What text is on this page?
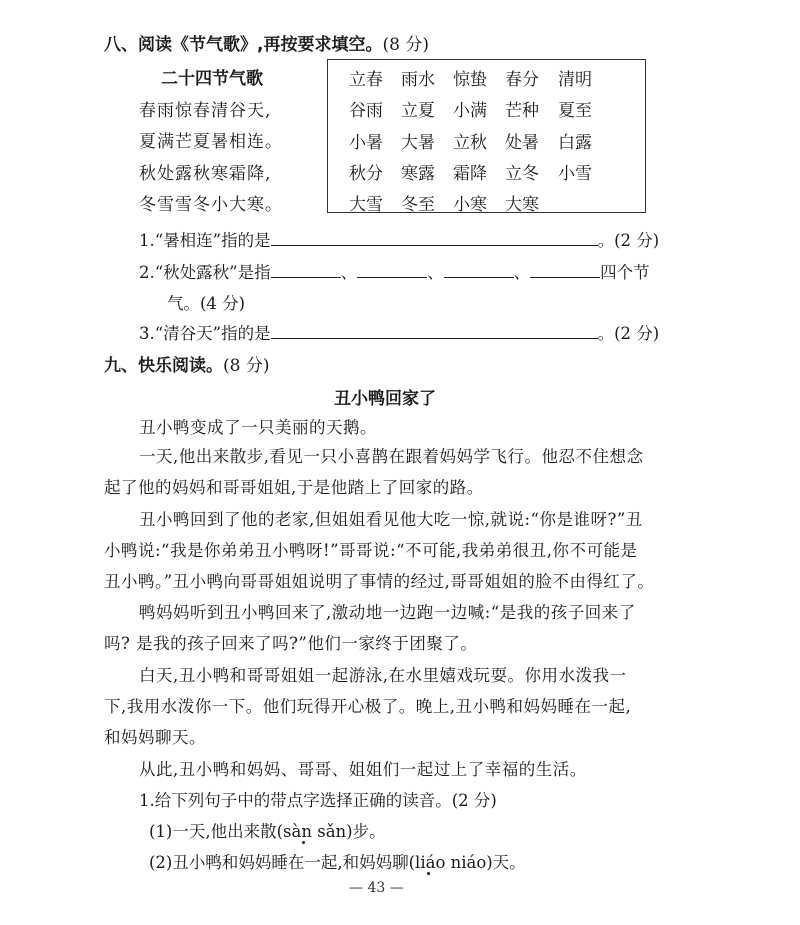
八、阅读《节气歌》,再按要求填空。(8 分)
二十四节气歌
春雨惊春清谷天,
夏满芒夏暑相连。
秋处露秋寒霜降,
冬雪雪冬小大寒。
立春 雨水 惊蛰 春分 清明
谷雨 立夏 小满 芒种 夏至
小暑 大暑 立秋 处暑 白露
秋分 寒露 霜降 立冬 小雪
大雪 冬至 小寒 大寒
1.“暑相连”指的是	。(2 分)
2.“秋处露秋”是指	、	、	、	四个节
气。(4 分)
3.“清谷天”指的是	。(2 分)
九、快乐阅读。(8 分)
丑小鸭回家了
丑小鸭变成了一只美丽的天鹅。
一天,他出来散步,看见一只小喜鹊在跟着妈妈学飞行。他忍不住想念
起了他的妈妈和哥哥姐姐,于是他踏上了回家的路。
丑小鸭回到了他的老家,但姐姐看见他大吃一惊,就说:“你是谁呀?”丑
小鸭说:“我是你弟弟丑小鸭呀!”哥哥说:“不可能,我弟弟很丑,你不可能是
丑小鸭。”丑小鸭向哥哥姐姐说明了事情的经过,哥哥姐姐的脸不由得红了。
鸭妈妈听到丑小鸭回来了,激动地一边跑一边喊:“是我的孩子回来了
吗? 是我的孩子回来了吗?”他们一家终于团聚了。
白天,丑小鸭和哥哥姐姐一起游泳,在水里嬉戏玩耍。你用水泼我一
下,我用水泼你一下。他们玩得开心极了。晚上,丑小鸭和妈妈睡在一起,
和妈妈聊天。
从此,丑小鸭和妈妈、哥哥、姐姐们一起过上了幸福的生活。
1.给下列句子中的带点字选择正确的读音。(2 分)
(1)一天,他出来散(sàn sǎn)步。
(2)丑小鸭和妈妈睡在一起,和妈妈聊(liáo niáo)天。
— 43 —
